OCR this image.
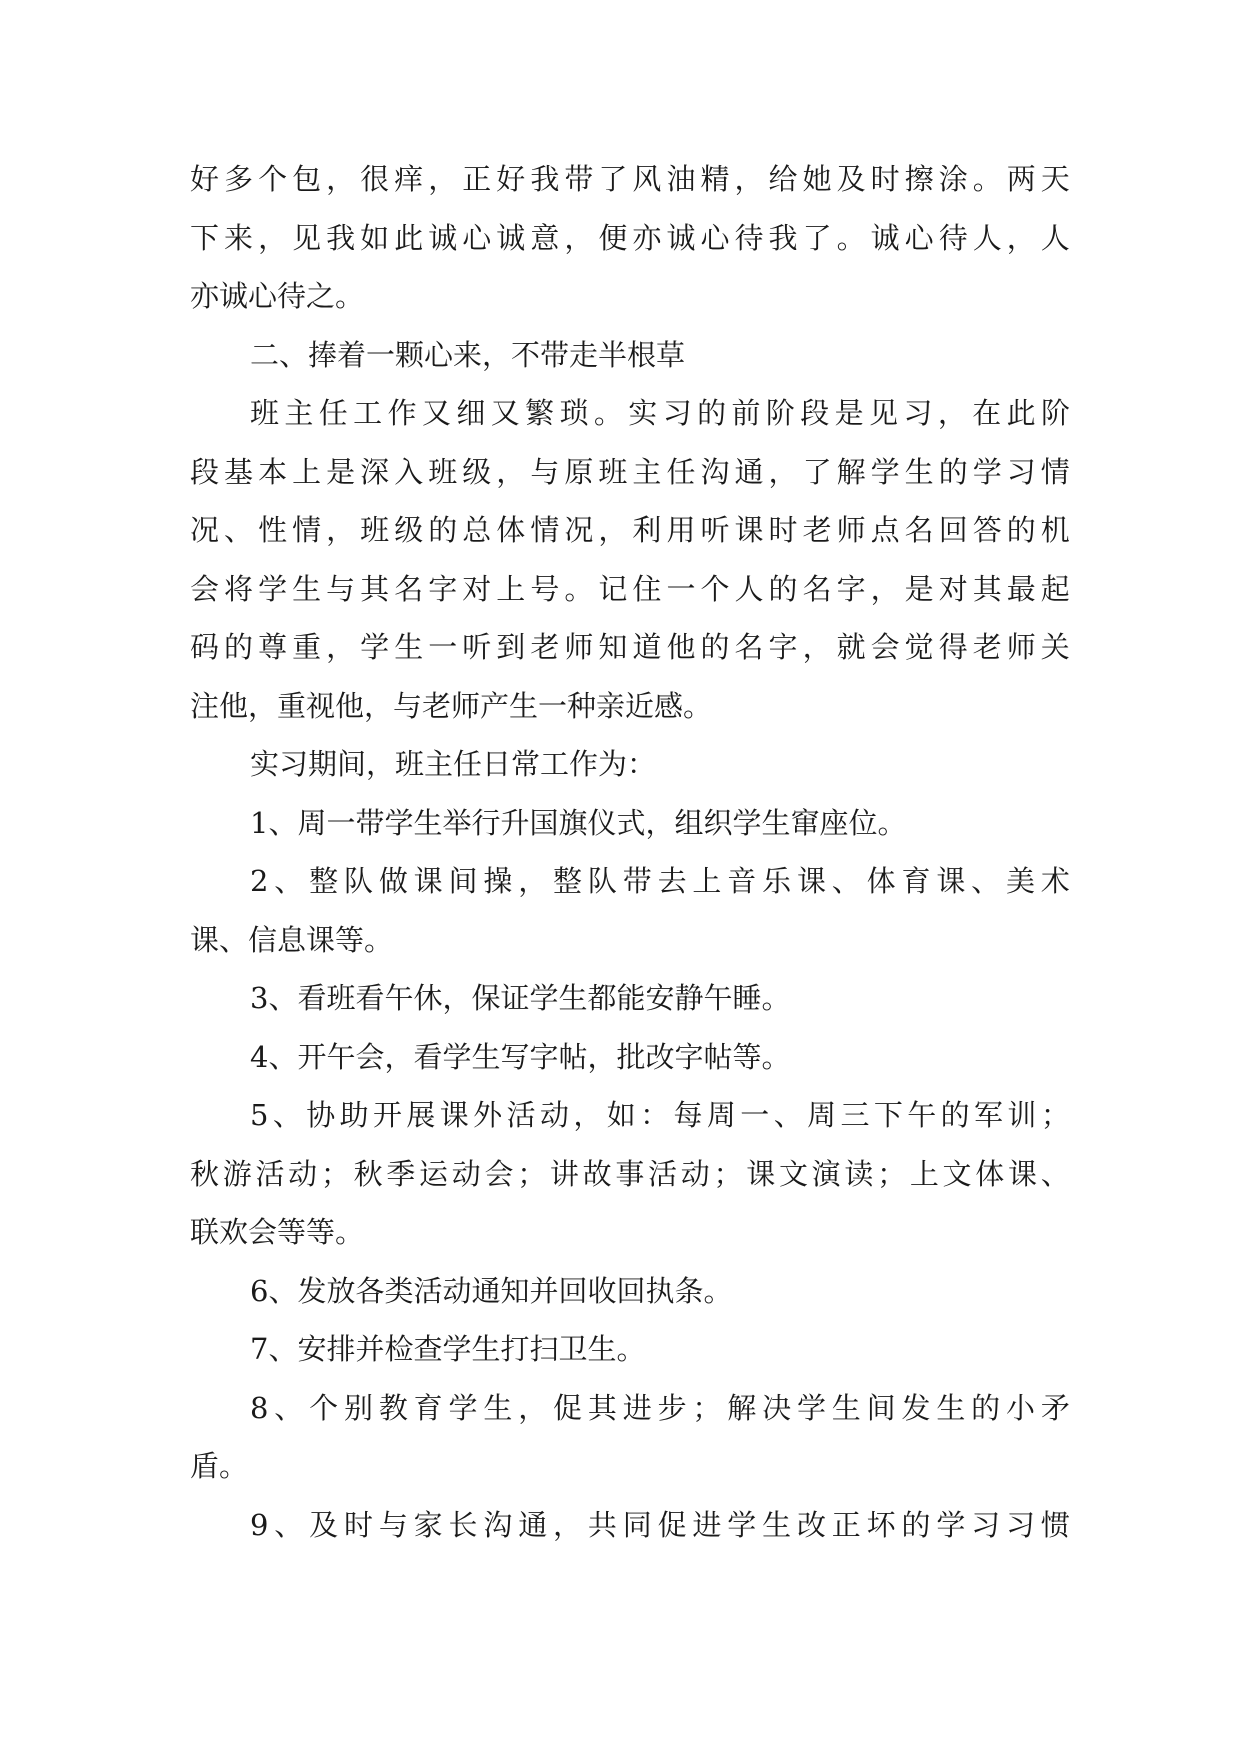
好 多 个 包 ， 很 痒 ， 正 好 我 带 了 风 油 精 ， 给 她 及 时 擦 涂 。 两 天
下 来 ， 见 我 如 此 诚 心 诚 意 ， 便 亦 诚 心 待 我 了 。 诚 心 待 人 ， 人
亦诚心待之。
二、捧着一颗心来，不带走半根草
班 主 任 工 作 又 细 又 繁 琐 。 实 习 的 前 阶 段 是 见 习 ， 在 此 阶
段 基 本 上 是 深 入 班 级 ， 与 原 班 主 任 沟 通 ， 了 解 学 生 的 学 习 情
况 、 性 情 ， 班 级 的 总 体 情 况 ， 利 用 听 课 时 老 师 点 名 回 答 的 机
会 将 学 生 与 其 名 字 对 上 号 。 记 住 一 个 人 的 名 字 ， 是 对 其 最 起
码 的 尊 重 ， 学 生 一 听 到 老 师 知 道 他 的 名 字 ， 就 会 觉 得 老 师 关
注他，重视他，与老师产生一种亲近感。
实习期间，班主任日常工作为：
1、周一带学生举行升国旗仪式，组织学生窜座位。
2 、 整 队 做 课 间 操 ， 整 队 带 去 上 音 乐 课 、 体 育 课 、 美 术
课、信息课等。
3、看班看午休，保证学生都能安静午睡。
4、开午会，看学生写字帖，批改字帖等。
5 、 协 助 开 展 课 外 活 动 ， 如 ： 每 周 一 、 周 三 下 午 的 军 训 ；
秋 游 活 动 ； 秋 季 运 动 会 ； 讲 故 事 活 动 ； 课 文 演 读 ； 上 文 体 课 、
联欢会等等。
6、发放各类活动通知并回收回执条。
7、安排并检查学生打扫卫生。
8 、 个 别 教 育 学 生 ， 促 其 进 步 ； 解 决 学 生 间 发 生 的 小 矛
盾。
9 、 及 时 与 家 长 沟 通 ， 共 同 促 进 学 生 改 正 坏 的 学 习 习 惯
